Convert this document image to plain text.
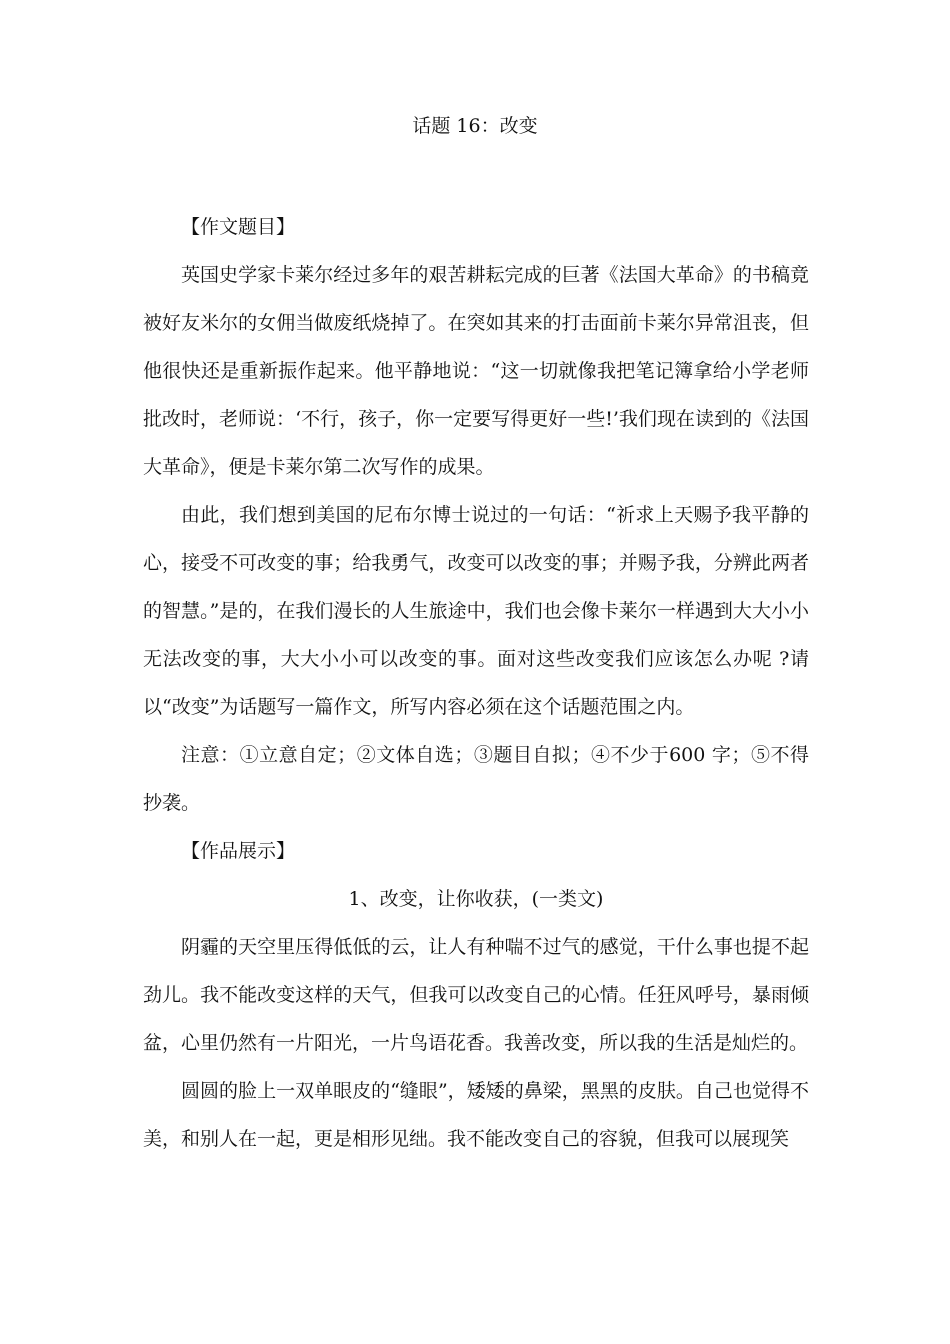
话题 16：改变

【作文题目】

英国史学家卡莱尔经过多年的艰苦耕耘完成的巨著《法国大革命》的书稿竟被好友米尔的女佣当做废纸烧掉了。在突如其来的打击面前卡莱尔异常沮丧，但他很快还是重新振作起来。他平静地说：“这一切就像我把笔记簿拿给小学老师批改时，老师说：‘不行，孩子，你一定要写得更好一些!’我们现在读到的《法国大革命》，便是卡莱尔第二次写作的成果。

由此，我们想到美国的尼布尔博士说过的一句话：“祈求上天赐予我平静的心，接受不可改变的事；给我勇气，改变可以改变的事；并赐予我，分辨此两者的智慧。”是的，在我们漫长的人生旅途中，我们也会像卡莱尔一样遇到大大小小无法改变的事，大大小小可以改变的事。面对这些改变我们应该怎么办呢 ?请以“改变”为话题写一篇作文，所写内容必须在这个话题范围之内。

注意：①立意自定；②文体自选；③题目自拟；④不少于600 字；⑤不得抄袭。

【作品展示】

1、改变，让你收获，(一类文)

阴霾的天空里压得低低的云，让人有种喘不过气的感觉，干什么事也提不起劲儿。我不能改变这样的天气，但我可以改变自己的心情。任狂风呼号，暴雨倾盆，心里仍然有一片阳光，一片鸟语花香。我善改变，所以我的生活是灿烂的。

圆圆的脸上一双单眼皮的“缝眼”，矮矮的鼻梁，黑黑的皮肤。自己也觉得不美，和别人在一起，更是相形见绌。我不能改变自己的容貌，但我可以展现笑
